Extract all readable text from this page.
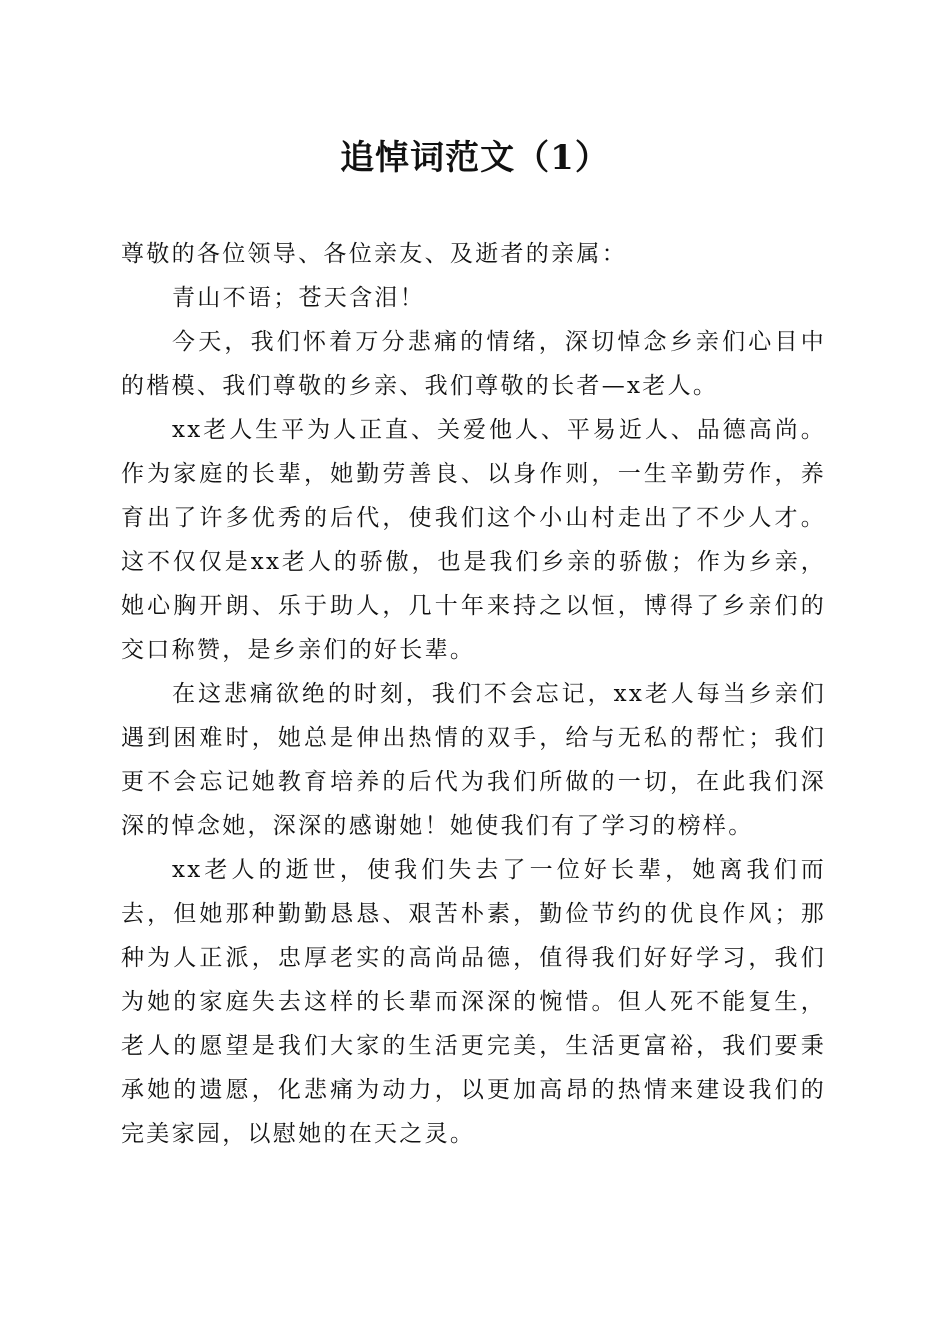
追悼词范文（1）

尊敬的各位领导、各位亲友、及逝者的亲属：

青山不语；苍天含泪！

今天，我们怀着万分悲痛的情绪，深切悼念乡亲们心目中的楷模、我们尊敬的乡亲、我们尊敬的长者—x老人。

xx老人生平为人正直、关爱他人、平易近人、品德高尚。作为家庭的长辈，她勤劳善良、以身作则，一生辛勤劳作，养育出了许多优秀的后代，使我们这个小山村走出了不少人才。这不仅仅是xx老人的骄傲，也是我们乡亲的骄傲；作为乡亲，她心胸开朗、乐于助人，几十年来持之以恒，博得了乡亲们的交口称赞，是乡亲们的好长辈。

在这悲痛欲绝的时刻，我们不会忘记，xx老人每当乡亲们遇到困难时，她总是伸出热情的双手，给与无私的帮忙；我们更不会忘记她教育培养的后代为我们所做的一切，在此我们深深的悼念她，深深的感谢她！她使我们有了学习的榜样。

xx老人的逝世，使我们失去了一位好长辈，她离我们而去，但她那种勤勤恳恳、艰苦朴素，勤俭节约的优良作风；那种为人正派，忠厚老实的高尚品德，值得我们好好学习，我们为她的家庭失去这样的长辈而深深的惋惜。但人死不能复生，老人的愿望是我们大家的生活更完美，生活更富裕，我们要秉承她的遗愿，化悲痛为动力，以更加高昂的热情来建设我们的完美家园，以慰她的在天之灵。
